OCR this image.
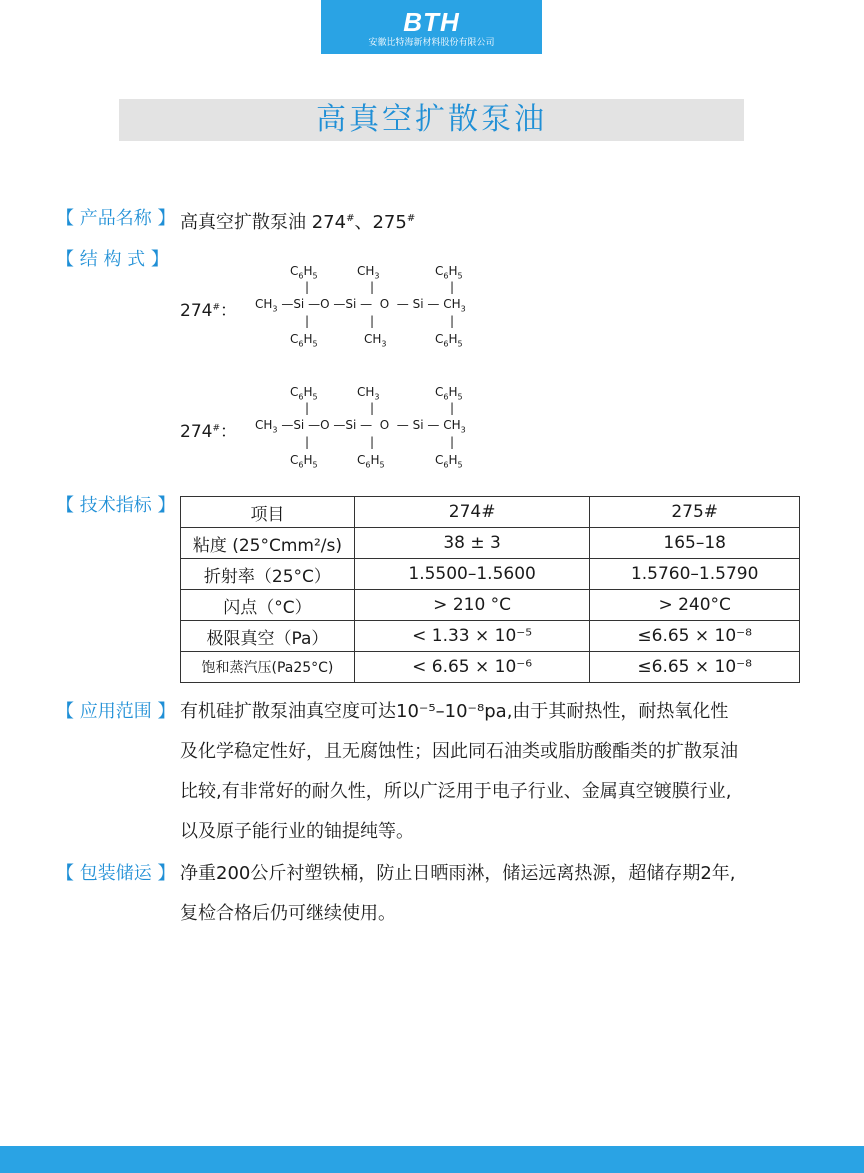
BTH
安徽比特海新材料股份有限公司
高真空扩散泵油
【 产品名称 】 高真空扩散泵油 274#、275#
【 结 构 式 】
274#：
$C_6H_5$	$CH_3$	$C_6H_5$
|	|	|
$CH_3$ —Si —O —Si —  O  — Si — $CH_3$
|	|	|
$C_6H_5$	$CH_3$	$C_6H_5$
274#：
$C_6H_5$	$CH_3$	$C_6H_5$
|	|	|
$CH_3$ —Si —O —Si —  O  — Si — $CH_3$
|	|	|
$C_6H_5$	$C_6H_5$	$C_6H_5$
【 技术指标 】	项目	274#	275#
粘度 (25°Cmm²/s)	38 ± 3	165–18
折射率（25°C）	1.5500–1.5600	1.5760–1.5790
闪点（°C）	> 210 °C	> 240°C
极限真空（Pa）	< 1.33 × 10⁻⁵	≤6.65 × 10⁻⁸
饱和蒸汽压(Pa25°C)	< 6.65 × 10⁻⁶	≤6.65 × 10⁻⁸
【 应用范围 】 有机硅扩散泵油真空度可达10⁻⁵–10⁻⁸pa,由于其耐热性，耐热氧化性
及化学稳定性好，且无腐蚀性；因此同石油类或脂肪酸酯类的扩散泵油
比较,有非常好的耐久性，所以广泛用于电子行业、金属真空镀膜行业,
以及原子能行业的铀提纯等。
【 包装储运 】 净重200公斤衬塑铁桶，防止日晒雨淋，储运远离热源，超储存期2年,
复检合格后仍可继续使用。
